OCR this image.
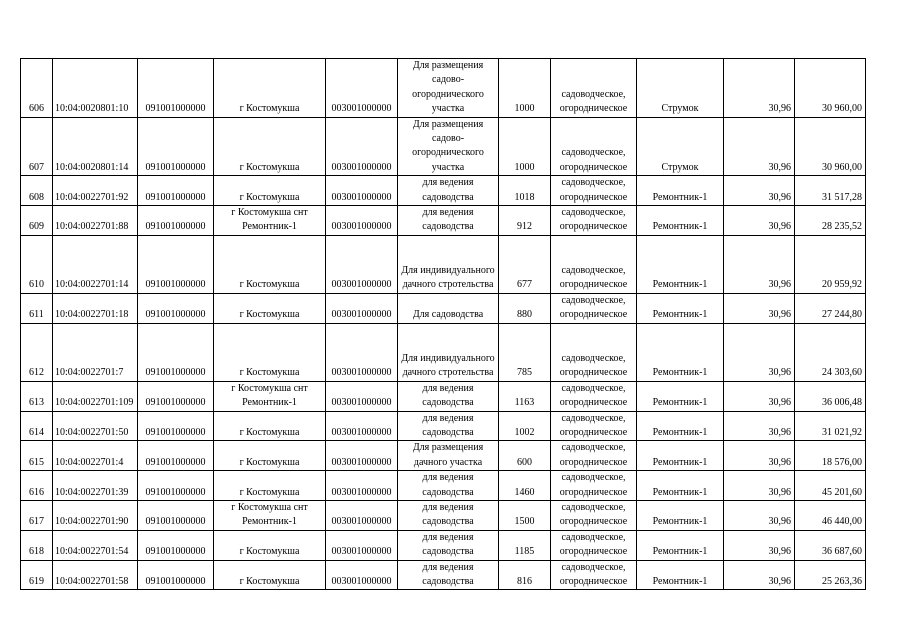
606	10:04:0020801:10	091001000000	г Костомукша	003001000000	Для размещения садово-огороднического участка	1000	садоводческое, огородническое	Струмок	30,96	30 960,00
607	10:04:0020801:14	091001000000	г Костомукша	003001000000	Для размещения садово-огороднического участка	1000	садоводческое, огородническое	Струмок	30,96	30 960,00
608	10:04:0022701:92	091001000000	г Костомукша	003001000000	для ведения садоводства	1018	садоводческое, огородническое	Ремонтник-1	30,96	31 517,28
609	10:04:0022701:88	091001000000	г Костомукша снт Ремонтник-1	003001000000	для ведения садоводства	912	садоводческое, огородническое	Ремонтник-1	30,96	28 235,52
610	10:04:0022701:14	091001000000	г Костомукша	003001000000	Для индивидуального дачного стротельства	677	садоводческое, огородническое	Ремонтник-1	30,96	20 959,92
611	10:04:0022701:18	091001000000	г Костомукша	003001000000	Для садоводства	880	садоводческое, огородническое	Ремонтник-1	30,96	27 244,80
612	10:04:0022701:7	091001000000	г Костомукша	003001000000	Для индивидуального дачного стротельства	785	садоводческое, огородническое	Ремонтник-1	30,96	24 303,60
613	10:04:0022701:109	091001000000	г Костомукша снт Ремонтник-1	003001000000	для ведения садоводства	1163	садоводческое, огородническое	Ремонтник-1	30,96	36 006,48
614	10:04:0022701:50	091001000000	г Костомукша	003001000000	для ведения садоводства	1002	садоводческое, огородническое	Ремонтник-1	30,96	31 021,92
615	10:04:0022701:4	091001000000	г Костомукша	003001000000	Для размещения дачного участка	600	садоводческое, огородническое	Ремонтник-1	30,96	18 576,00
616	10:04:0022701:39	091001000000	г Костомукша	003001000000	для ведения садоводства	1460	садоводческое, огородническое	Ремонтник-1	30,96	45 201,60
617	10:04:0022701:90	091001000000	г Костомукша снт Ремонтник-1	003001000000	для ведения садоводства	1500	садоводческое, огородническое	Ремонтник-1	30,96	46 440,00
618	10:04:0022701:54	091001000000	г Костомукша	003001000000	для ведения садоводства	1185	садоводческое, огородническое	Ремонтник-1	30,96	36 687,60
619	10:04:0022701:58	091001000000	г Костомукша	003001000000	для ведения садоводства	816	садоводческое, огородническое	Ремонтник-1	30,96	25 263,36
